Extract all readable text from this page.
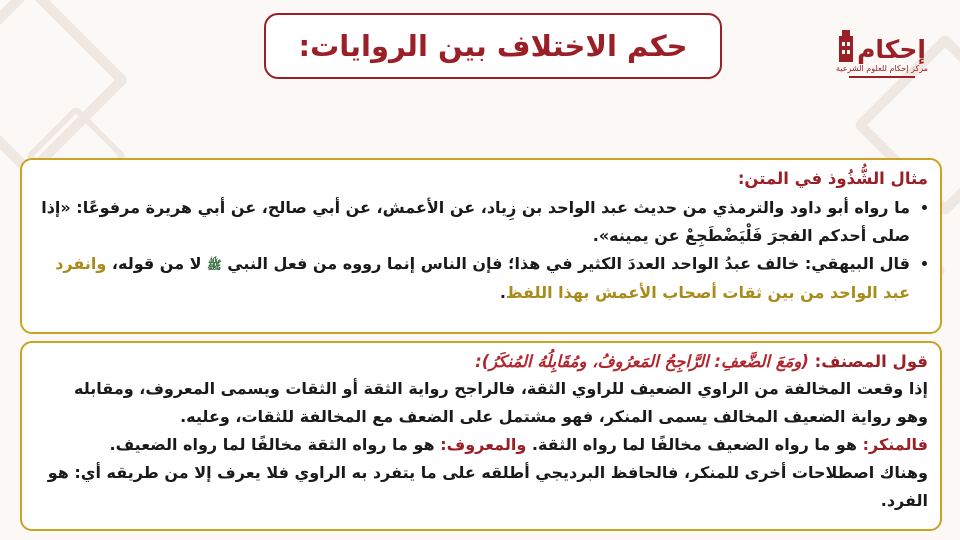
حكم الاختلاف بين الروايات:	إحكام
مركز إحكام للعلوم الشرعية
مثال الشُّذُوذ في المتن:
• ما رواه أبو داود والترمذي من حديث عبد الواحد بن زِياد، عن الأعمش، عن أبي صالح، عن أبي هريرة مرفوعًا: «إذا صلى أحدكم الفجرَ فَلْيَضْطَجِعْ عن يمينه».
• قال البيهقي: خالف عبدُ الواحد العددَ الكثير في هذا؛ فإن الناس إنما رووه من فعل النبي ﷺ لا من قوله، وانفرد عبد الواحد من بين ثقات أصحاب الأعمش بهذا اللفظ.
قول المصنف: (ومَعَ الضَّعفِ: الرَّاجِحُ المَعرُوفُ، ومُقَابِلُهُ المُنكَرُ):

إذا وقعت المخالفة من الراوي الضعيف للراوي الثقة، فالراجح رواية الثقة أو الثقات ويسمى المعروف، ومقابله وهو رواية الضعيف المخالف يسمى المنكر، فهو مشتمل على الضعف مع المخالفة للثقات، وعليه.

فالمنكر: هو ما رواه الضعيف مخالفًا لما رواه الثقة. والمعروف: هو ما رواه الثقة مخالفًا لما رواه الضعيف.

وهناك اصطلاحات أخرى للمنكر، فالحافظ البرديجي أطلقه على ما يتفرد به الراوي فلا يعرف إلا من طريقه أي: هو الفرد.
